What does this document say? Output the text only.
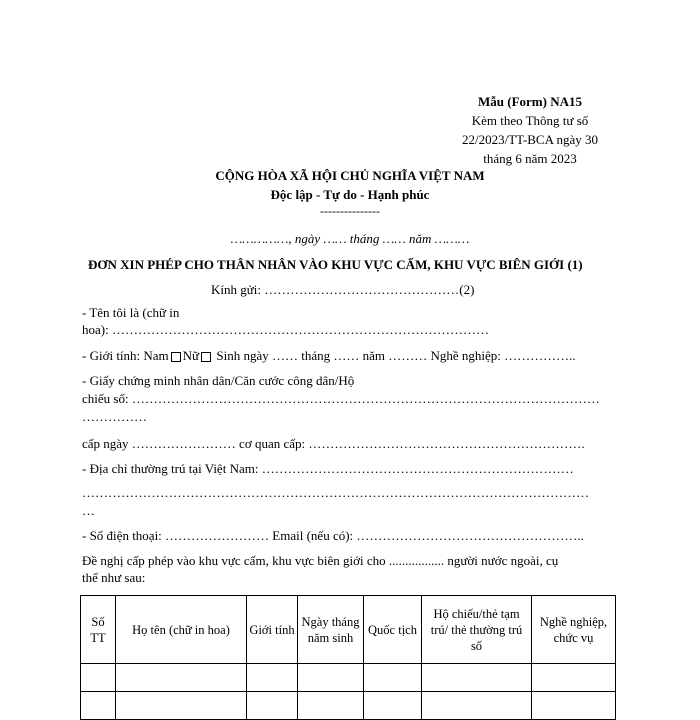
Mẫu (Form) NA15
Kèm theo Thông tư số
22/2023/TT-BCA ngày 30
tháng 6 năm 2023
CỘNG HÒA XÃ HỘI CHỦ NGHĨA VIỆT NAM
Độc lập - Tự do - Hạnh phúc
---------------
……………, ngày …… tháng …… năm ………
ĐƠN XIN PHÉP CHO THÂN NHÂN VÀO KHU VỰC CẤM, KHU VỰC BIÊN GIỚI (1)
Kính gửi: ………………………………………(2)
- Tên tôi là (chữ in
hoa): ……………………………………………………………………………
- Giới tính: Nam Nữ Sinh ngày …… tháng …… năm ……… Nghề nghiệp: ……………..
- Giấy chứng minh nhân dân/Căn cước công dân/Hộ
chiếu số: ………………………………………………………………………………………………
……………
cấp ngày …………………… cơ quan cấp: ……………………………………………………….
- Địa chỉ thường trú tại Việt Nam: ………………………………………………………………
………………………………………………………………………………………………………
…
- Số điện thoại: …………………… Email (nếu có): ……………………………………………..
Đề nghị cấp phép vào khu vực cấm, khu vực biên giới cho ................. người nước ngoài, cụ
thể như sau:
Số TT	Họ tên (chữ in hoa)	Giới tính	Ngày tháng năm sinh	Quốc tịch	Hộ chiếu/thẻ tạm trú/ thẻ thường trú số	Nghề nghiệp, chức vụ
